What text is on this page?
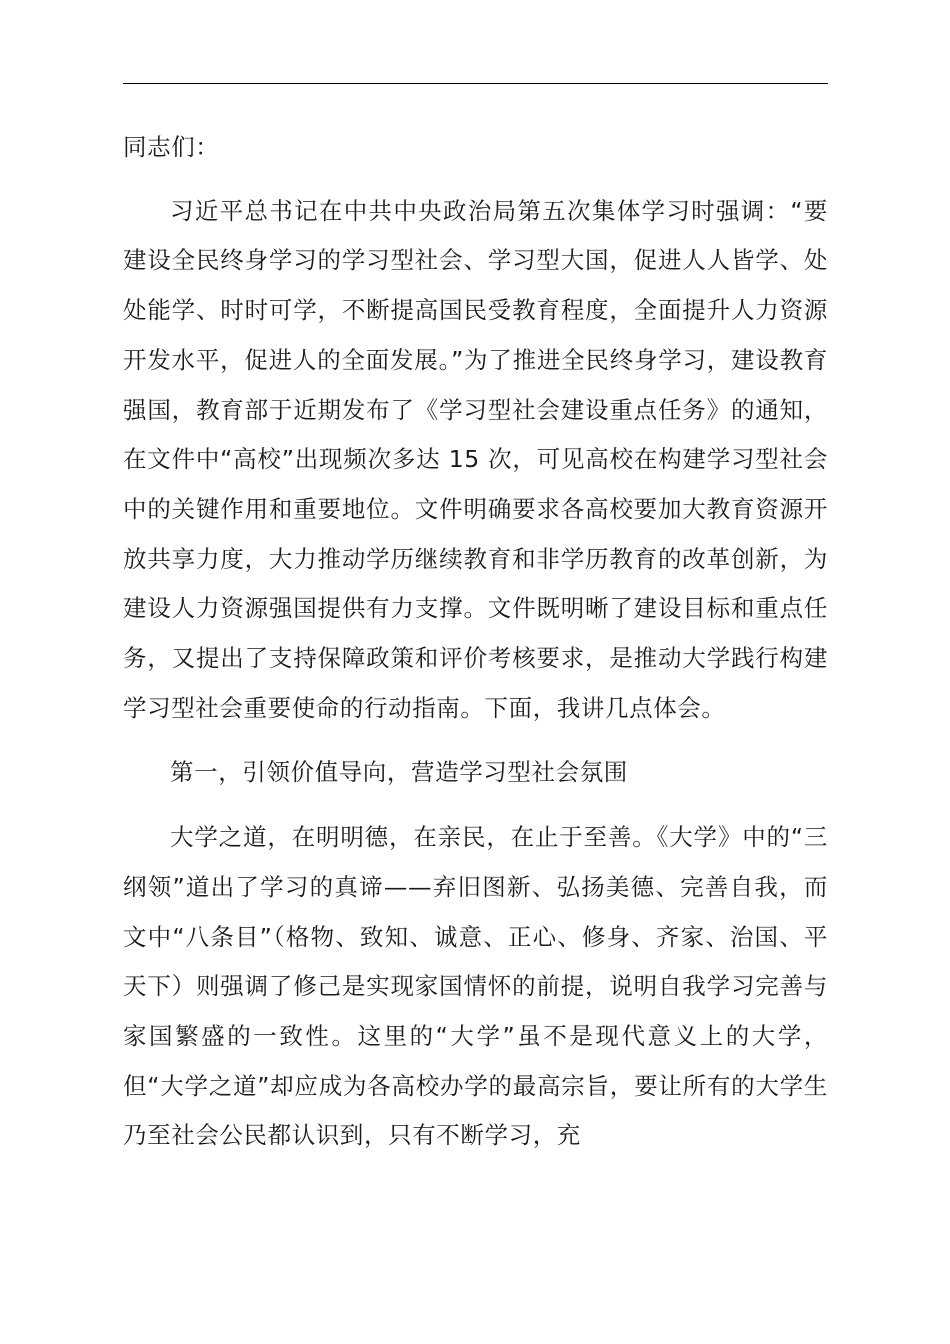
同志们：

习近平总书记在中共中央政治局第五次集体学习时强调：“要建设全民终身学习的学习型社会、学习型大国，促进人人皆学、处处能学、时时可学，不断提高国民受教育程度，全面提升人力资源开发水平，促进人的全面发展。”为了推进全民终身学习，建设教育强国，教育部于近期发布了《学习型社会建设重点任务》的通知，在文件中“高校”出现频次多达 15 次，可见高校在构建学习型社会中的关键作用和重要地位。文件明确要求各高校要加大教育资源开放共享力度，大力推动学历继续教育和非学历教育的改革创新，为建设人力资源强国提供有力支撑。文件既明晰了建设目标和重点任务，又提出了支持保障政策和评价考核要求，是推动大学践行构建学习型社会重要使命的行动指南。下面，我讲几点体会。

第一，引领价值导向，营造学习型社会氛围

大学之道，在明明德，在亲民，在止于至善。《大学》中的“三纲领”道出了学习的真谛——弃旧图新、弘扬美德、完善自我，而文中“八条目”（格物、致知、诚意、正心、修身、齐家、治国、平天下）则强调了修己是实现家国情怀的前提，说明自我学习完善与家国繁盛的一致性。这里的“大学”虽不是现代意义上的大学，但“大学之道”却应成为各高校办学的最高宗旨，要让所有的大学生乃至社会公民都认识到，只有不断学习，充
